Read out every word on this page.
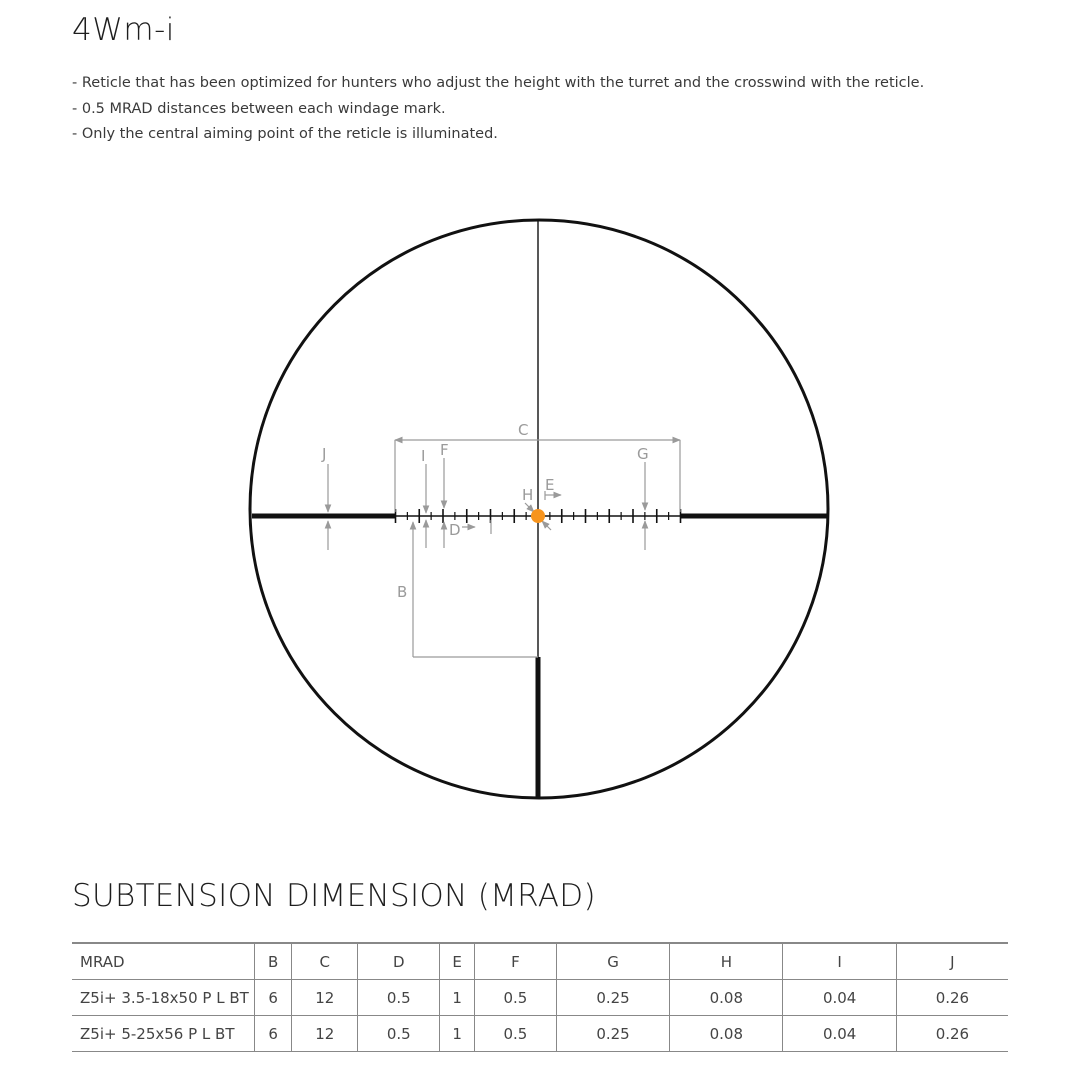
4Wm-i
- Reticle that has been optimized for hunters who adjust the height with the turret and the crosswind with the reticle.
- 0.5 MRAD distances between each windage mark.
- Only the central aiming point of the reticle is illuminated.
C
J	I F	G
H
E
D
B
SUBTENSION DIMENSION (MRAD)
MRAD	B	C	D	E	F	G	H	I	J
Z5i+ 3.5-18x50 P L BT	6	12	0.5	1	0.5	0.25	0.08	0.04	0.26
Z5i+ 5-25x56 P L BT	6	12	0.5	1	0.5	0.25	0.08	0.04	0.26
